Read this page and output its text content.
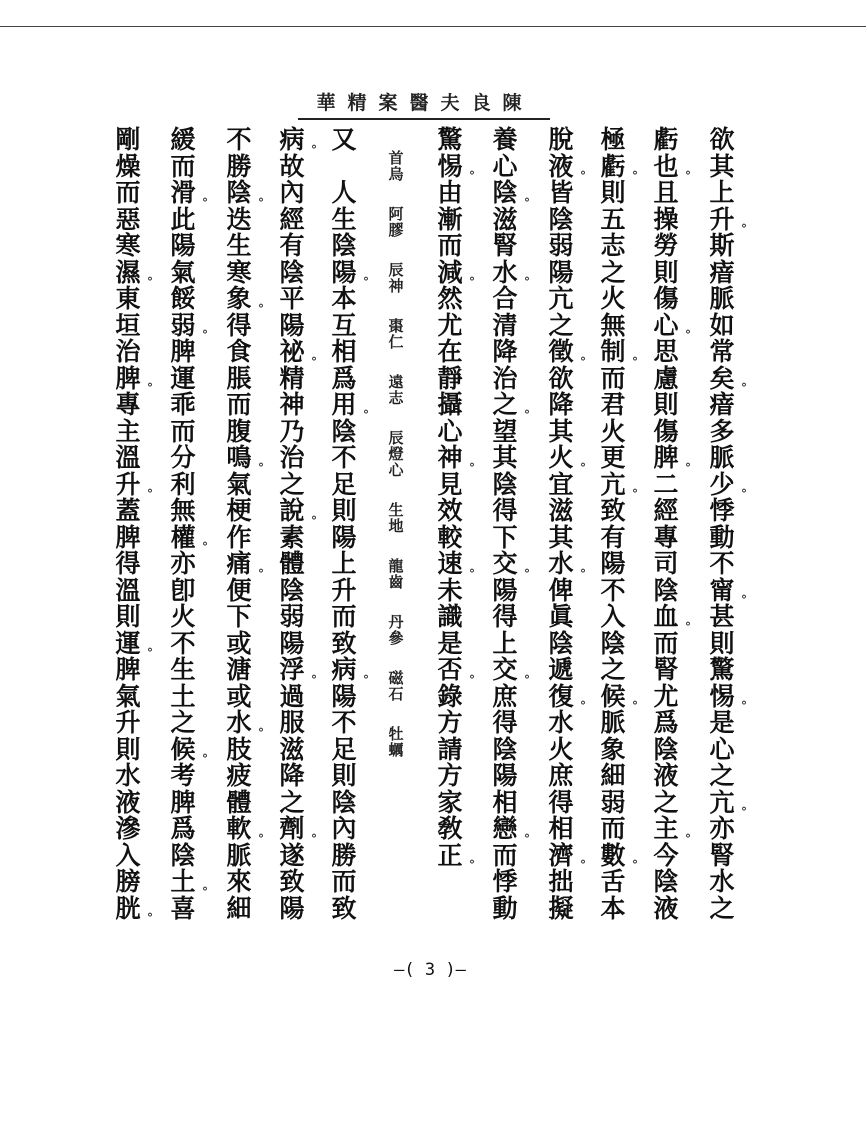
陳良夫醫案精華
欲
其
上
升 °
斯
瘖
脈
如
常
矣 °
瘖
多
脈
少 °
悸
動
不
甯 °
甚
則
驚
惕 °
是
心
之
亢 °
亦
腎
水
之
虧
也 °
且
操
勞
則
傷
心 °
思
慮
則
傷
脾 °
二
經
專
司
陰
血 °
而
腎
尤
爲
陰
液
之
主 °
今
陰
液
極
虧 °
則
五
志
之
火
無
制 °
而
君
火
更
亢 °
致
有
陽
不
入
陰
之
候 °
脈
象
細
弱
而
數 °
舌
本
脫
液 °
皆
陰
弱
陽
亢
之
徵 °
欲
降
其
火 °
宜
滋
其
水 °
俾
眞
陰
遞
復 °
水
火
庶
得
相
濟 °
拙
擬
養
心
陰 °
滋
腎
水 °
合
清
降
治
之 °
望
其
陰
得
下
交 °
陽
得
上
交 °
庶
得
陰
陽
相
戀 °
而
悸
動
驚
惕 °
由
漸
而
減 °
然
尤
在
靜
攝
心
神 °
見
效
較
速 °
未
識
是
否 °
錄
方
請
方
家
敎
正 °
首烏
阿膠
辰神
棗仁
遠志
辰燈心
生地
龍齒
丹參
磁石
牡蠣
又
人
生
陰
陽 °
本
互
相
爲
用 °
陰
不
足
則
陽
上
升
而
致
病 °
陽
不
足
則
陰
內
勝
而
致
病 °
故
內
經
有
陰
平
陽
祕 °
精
神
乃
治
之
說 °
素
體
陰
弱
陽
浮 °
過
服
滋
降
之
劑 °
遂
致
陽
不
勝
陰 °
迭
生
寒
象 °
得
食
脹
而
腹
鳴 °
氣
梗
作
痛 °
便
下
或
溏
或
水 °
肢
疲
體
軟 °
脈
來
細
緩
而
滑 °
此
陽
氣
餒
弱 °
脾
運
乖
而
分
利
無
權 °
亦
卽
火
不
生
土
之
候 °
考
脾
爲
陰
土 °
喜
剛
燥
而
惡
寒
濕 °
東
垣
治
脾 °
專
主
溫
升 °
蓋
脾
得
溫
則
運 °
脾
氣
升
則
水
液
滲
入
膀
胱 °
—( 3 )—
